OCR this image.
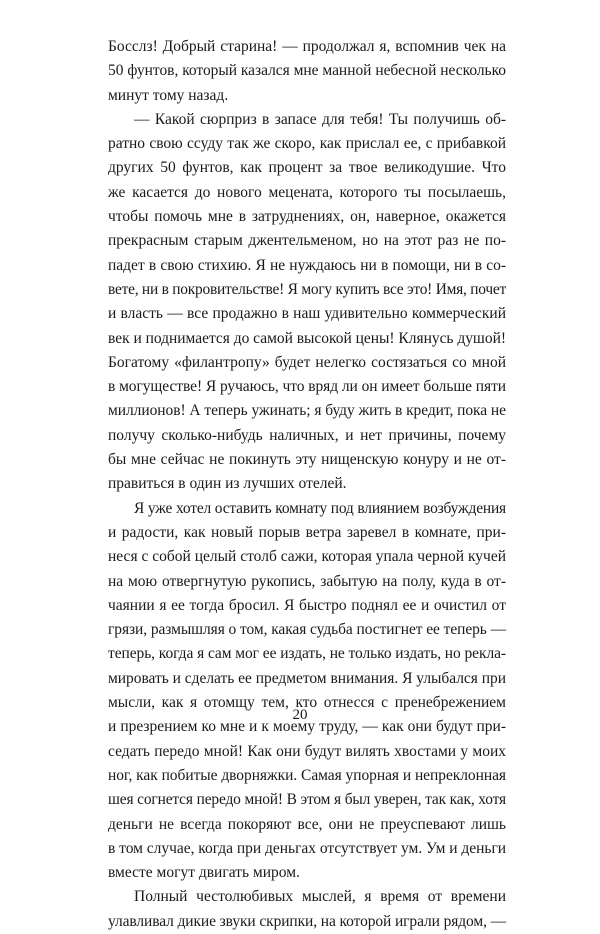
Босслз! Добрый старина! — продолжал я, вспомнив чек на
50 фунтов, который казался мне манной небесной несколько
минут тому назад.
— Какой сюрприз в запасе для тебя! Ты получишь об-
ратно свою ссуду так же скоро, как прислал ее, с прибавкой
других 50 фунтов, как процент за твое великодушие. Что
же касается до нового мецената, которого ты посылаешь,
чтобы помочь мне в затруднениях, он, наверное, окажется
прекрасным старым джентельменом, но на этот раз не по-
падет в свою стихию. Я не нуждаюсь ни в помощи, ни в со-
вете, ни в покровительстве! Я могу купить все это! Имя, почет
и власть — все продажно в наш удивительно коммерческий
век и поднимается до самой высокой цены! Клянусь душой!
Богатому «филантропу» будет нелегко состязаться со мной
в могуществе! Я ручаюсь, что вряд ли он имеет больше пяти
миллионов! А теперь ужинать; я буду жить в кредит, пока не
получу сколько-нибудь наличных, и нет причины, почему
бы мне сейчас не покинуть эту нищенскую конуру и не от-
правиться в один из лучших отелей.
Я уже хотел оставить комнату под влиянием возбуждения
и радости, как новый порыв ветра заревел в комнате, при-
неся с собой целый столб сажи, которая упала черной кучей
на мою отвергнутую рукопись, забытую на полу, куда в от-
чаянии я ее тогда бросил. Я быстро поднял ее и очистил от
грязи, размышляя о том, какая судьба постигнет ее теперь —
теперь, когда я сам мог ее издать, не только издать, но рекла-
мировать и сделать ее предметом внимания. Я улыбался при
мысли, как я отомщу тем, кто отнесся с пренебрежением
и презрением ко мне и к моему труду, — как они будут при-
седать передо мной! Как они будут вилять хвостами у моих
ног, как побитые дворняжки. Самая упорная и непреклонная
шея согнется передо мной! В этом я был уверен, так как, хотя
деньги не всегда покоряют все, они не преуспевают лишь
в том случае, когда при деньгах отсутствует ум. Ум и деньги
вместе могут двигать миром.
Полный честолюбивых мыслей, я время от времени
улавливал дикие звуки скрипки, на которой играли рядом, —
20
